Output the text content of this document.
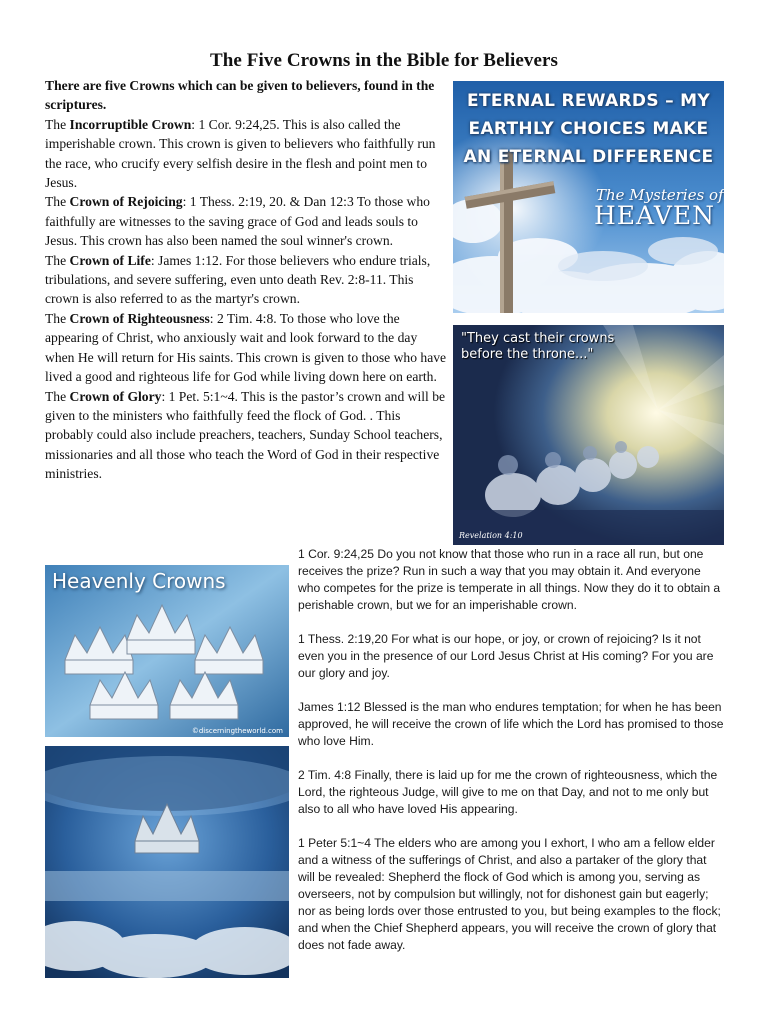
The Five Crowns in the Bible for Believers

There are five Crowns which can be given to believers, found in the scriptures.

The Incorruptible Crown: 1 Cor. 9:24,25. This is also called the imperishable crown. This crown is given to believers who faithfully run the race, who crucify every selfish desire in the flesh and point men to Jesus.

The Crown of Rejoicing: 1 Thess. 2:19, 20. & Dan 12:3 To those who faithfully are witnesses to the saving grace of God and leads souls to Jesus. This crown has also been named the soul winner's crown.

The Crown of Life: James 1:12. For those believers who endure trials, tribulations, and severe suffering, even unto death Rev. 2:8-11. This crown is also referred to as the martyr's crown.

The Crown of Righteousness: 2 Tim. 4:8. To those who love the appearing of Christ, who anxiously wait and look forward to the day when He will return for His saints. This crown is given to those who have lived a good and righteous life for God while living down here on earth.

The Crown of Glory: 1 Pet. 5:1~4. This is the pastor’s crown and will be given to the ministers who faithfully feed the flock of God. . This probably could also include preachers, teachers, Sunday School teachers, missionaries and all those who teach the Word of God in their respective ministries.

1 Cor. 9:24,25 Do you not know that those who run in a race all run, but one receives the prize? Run in such a way that you may obtain it. And everyone who competes for the prize is temperate in all things. Now they do it to obtain a perishable crown, but we for an imperishable crown.

1 Thess. 2:19,20 For what is our hope, or joy, or crown of rejoicing? Is it not even you in the presence of our Lord Jesus Christ at His coming? For you are our glory and joy.

James 1:12 Blessed is the man who endures temptation; for when he has been approved, he will receive the crown of life which the Lord has promised to those who love Him.

2 Tim. 4:8 Finally, there is laid up for me the crown of righteousness, which the Lord, the righteous Judge, will give to me on that Day, and not to me only but also to all who have loved His appearing.

1 Peter 5:1~4 The elders who are among you I exhort, I who am a fellow elder and a witness of the sufferings of Christ, and also a partaker of the glory that will be revealed: Shepherd the flock of God which is among you, serving as overseers, not by compulsion but willingly, not for dishonest gain but eagerly; nor as being lords over those entrusted to you, but being examples to the flock; and when the Chief Shepherd appears, you will receive the crown of glory that does not fade away.

ETERNAL REWARDS – MY
EARTHLY CHOICES MAKE
AN ETERNAL DIFFERENCE
The Mysteries of
HEAVEN
"They cast their crowns
before the throne..."
Revelation 4:10
Heavenly Crowns
©discerningtheworld.com
